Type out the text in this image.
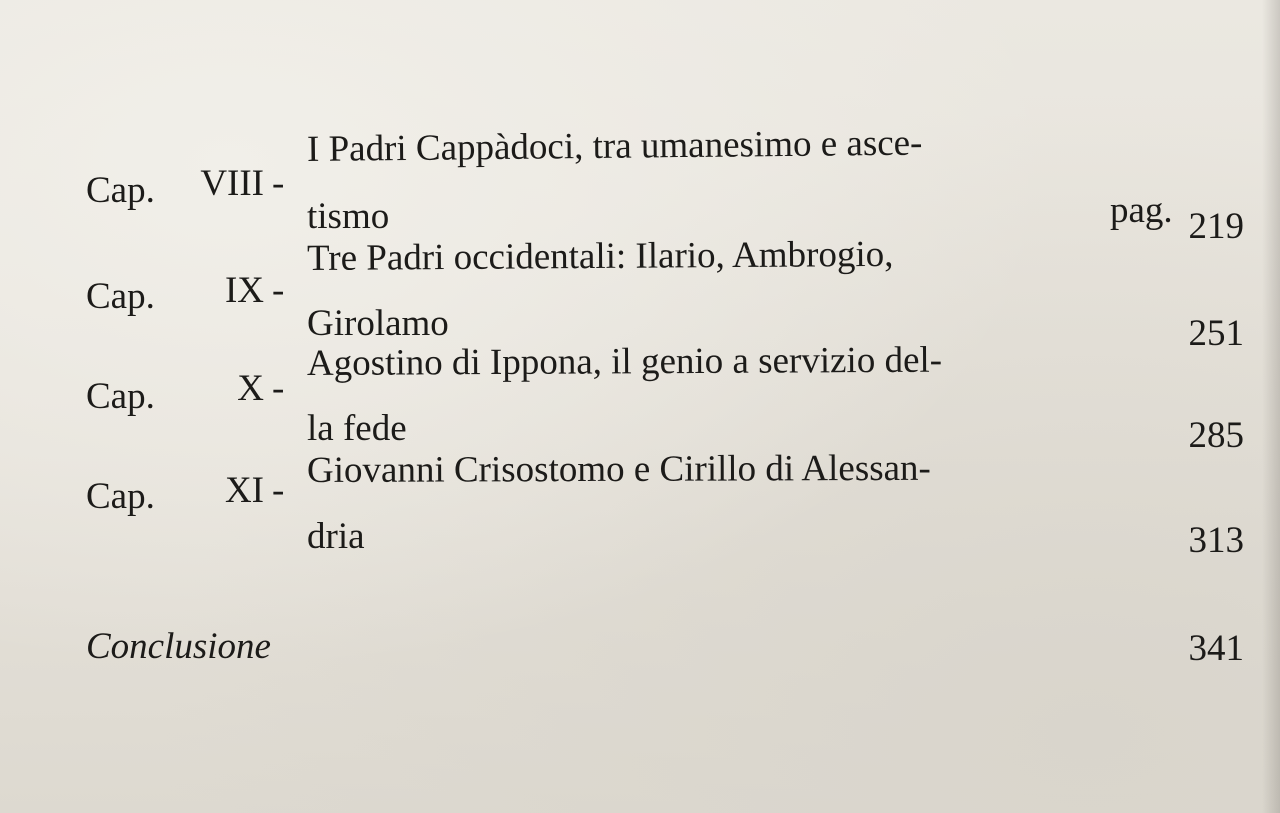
Cap.	VIII -
I Padri Cappàdoci, tra umanesimo e asce-
tismo	pag. 219
Cap.	IX -
Tre Padri occidentali: Ilario, Ambrogio,
Girolamo	251
Cap.	X -
Agostino di Ippona, il genio a servizio del-
la fede	285
Cap.	XI - Giovanni Crisostomo e Cirillo di Alessan-
dria	313
Conclusione	341
